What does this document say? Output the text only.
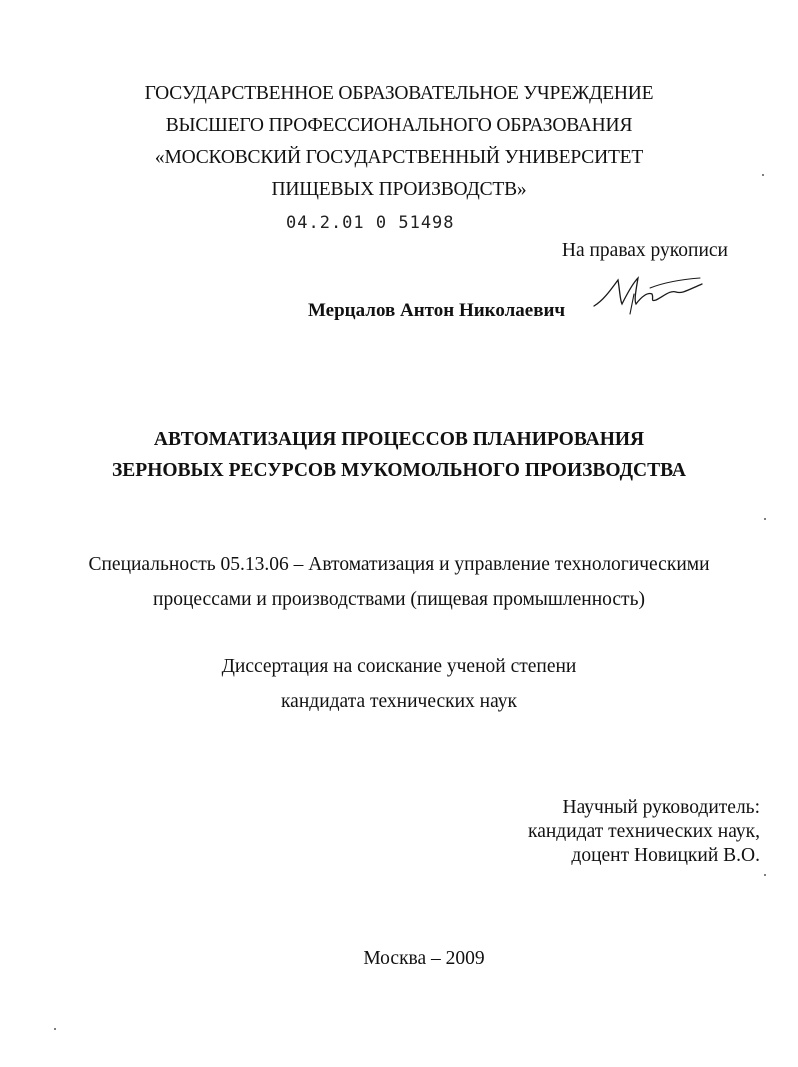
ГОСУДАРСТВЕННОЕ ОБРАЗОВАТЕЛЬНОЕ УЧРЕЖДЕНИЕ
ВЫСШЕГО ПРОФЕССИОНАЛЬНОГО ОБРАЗОВАНИЯ
«МОСКОВСКИЙ ГОСУДАРСТВЕННЫЙ УНИВЕРСИТЕТ
ПИЩЕВЫХ ПРОИЗВОДСТВ»
04.2.01 0 51498
На правах рукописи
Мерцалов Антон Николаевич
АВТОМАТИЗАЦИЯ ПРОЦЕССОВ ПЛАНИРОВАНИЯ
ЗЕРНОВЫХ РЕСУРСОВ МУКОМОЛЬНОГО ПРОИЗВОДСТВА
Специальность 05.13.06 – Автоматизация и управление технологическими
процессами и производствами (пищевая промышленность)
Диссертация на соискание ученой степени
кандидата технических наук
Научный руководитель:
кандидат технических наук,
доцент Новицкий В.О.
Москва – 2009
